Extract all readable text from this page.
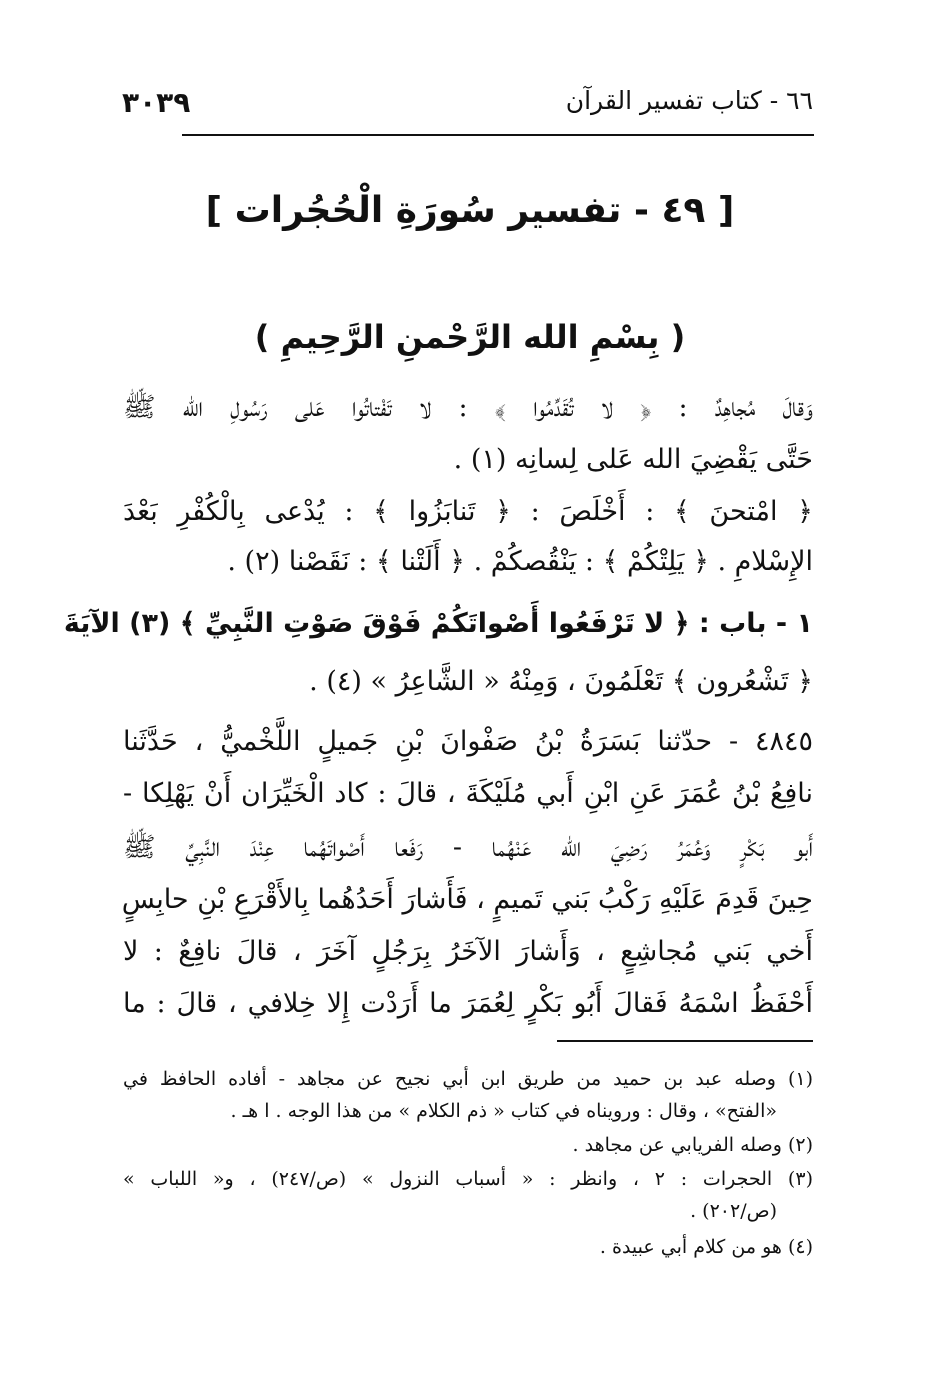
٦٦ - كتاب تفسير القرآن
٣٠٣٩
[ ٤٩ - تفسير سُورَةِ الْحُجُرات ]
( بِسْمِ الله الرَّحْمنِ الرَّحِيمِ )
وَقالَ مُجاهِدٌ : ﴿ لا تُقَدِّمُوا ﴾ : لا تَفْتاتُوا عَلى رَسُولِ الله ﷺ
حَتَّى يَقْضِيَ الله عَلى لِسانِه (١) .
﴿ امْتحنَ ﴾ : أَخْلَصَ : ﴿ تَنابَزُوا ﴾ : يُدْعى بِالْكُفْرِ بَعْدَ
الإِسْلامِ . ﴿ يَلِتْكُمْ ﴾ : يَنْقُصكُمْ . ﴿ أَلَتْنا ﴾ : نَقَصْنا (٢) .
١ - باب : ﴿ لا تَرْفَعُوا أَصْواتَكُمْ فَوْقَ صَوْتِ النَّبِيِّ ﴾ (٣) الآيَةَ
﴿ تَشْعُرون ﴾ تَعْلَمُونَ ، وَمِنْهُ « الشَّاعِرُ » (٤) .
٤٨٤٥ - حدّثنا بَسَرَةُ بْنُ صَفْوانَ بْنِ جَميلٍ اللَّخْميُّ ، حَدَّثَنا
نافِعُ بْنُ عُمَرَ عَنِ ابْنِ أَبي مُلَيْكَةَ ، قالَ : كاد الْخَيِّرَان أَنْ يَهْلِكا -
أَبو بَكْرٍ وَعُمَرُ رَضِيَ الله عَنْهُما - رَفَعا أَصْواتَهُما عِنْدَ النَّبِيِّ ﷺ
حِينَ قَدِمَ عَلَيْهِ رَكْبُ بَني تَميمٍ ، فَأَشارَ أَحَدُهُما بِالأَقْرَعِ بْنِ حابِسٍ
أَخي بَني مُجاشِعٍ ، وَأَشارَ الآخَرُ بِرَجُلٍ آخَرَ ، قالَ نافِعٌ : لا
أَحْفَظُ اسْمَهُ فَقالَ أَبُو بَكْرٍ لِعُمَرَ ما أَرَدْت إِلا خِلافي ، قالَ : ما
(١) وصله عبد بن حميد من طريق ابن أبي نجيح عن مجاهد - أفاده الحافظ في
«الفتح» ، وقال : ورويناه في كتاب « ذم الكلام » من هذا الوجه . ا هـ .
(٢) وصله الفريابي عن مجاهد .
(٣) الحجرات : ٢ ، وانظر : « أسباب النزول » (ص/٢٤٧) ، و« اللباب »
(ص/٢٠٢) .
(٤) هو من كلام أبي عبيدة .
